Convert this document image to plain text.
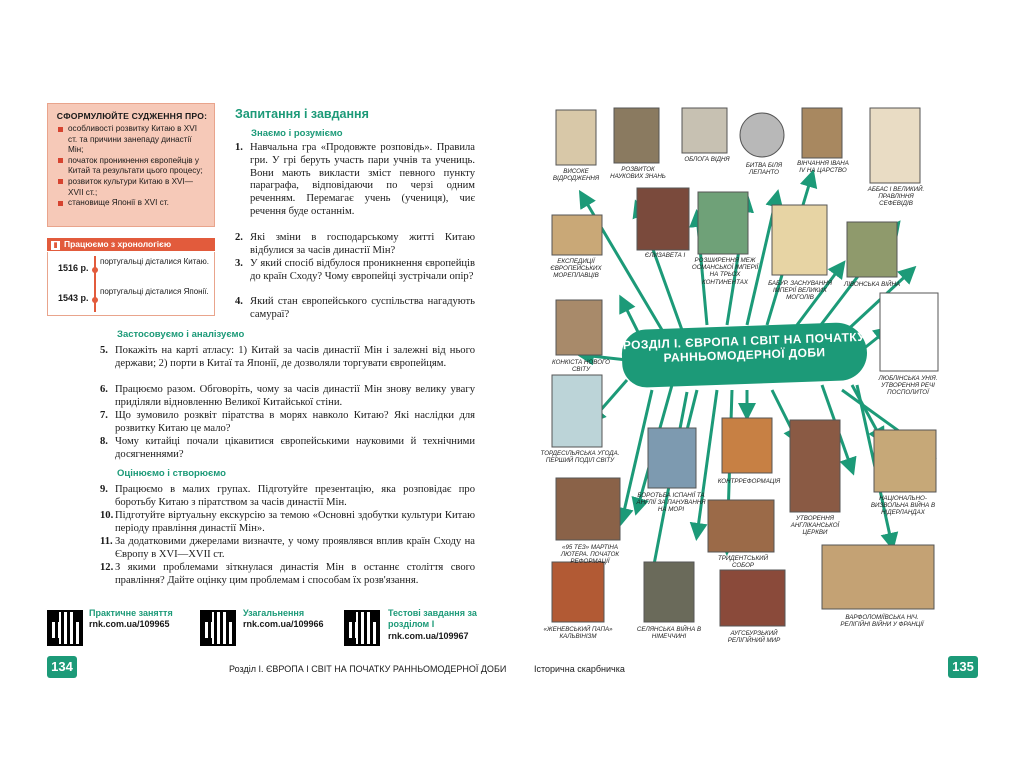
СФОРМУЛЮЙТЕ СУДЖЕННЯ ПРО:
особливості розвитку Китаю в XVI ст. та причини занепаду династії Мін;
початок проникнення європейців у Китай та результати цього процесу;
розвиток культури Китаю в XVI—XVII ст.;
становище Японії в XVI ст.
▮ Працюємо з хронологією
1516 р.
португальці дісталися Китаю.
1543 р.
португальці дісталися Японії.
Запитання і завдання
Знаємо і розуміємо
1. Навчальна гра «Продовжте розповідь». Правила гри. У грі беруть участь пари учнів та учениць. Вони мають викласти зміст певного пункту параграфа, відповідаючи по черзі одним реченням. Перемагає учень (учениця), чиє речення буде останнім.
2. Які зміни в господарському житті Китаю відбулися за часів династії Мін?
3. У який спосіб відбулося проникнення європейців до країн Сходу? Чому європейці зустрічали опір?
4. Який стан європейського суспільства нагадують самураї?
Застосовуємо і аналізуємо
5. Покажіть на карті атласу: 1) Китай за часів династії Мін і залежні від нього держави; 2) порти в Китаї та Японії, де дозволяли торгувати європейцям.
6. Працюємо разом. Обговоріть, чому за часів династії Мін знову велику увагу приділяли відновленню Великої Китайської стіни.
7. Що зумовило розквіт піратства в морях навколо Китаю? Які наслідки для розвитку Китаю це мало?
8. Чому китайці почали цікавитися європейськими науковими й технічними досягненнями?
Оцінюємо і створюємо
9. Працюємо в малих групах. Підготуйте презентацію, яка розповідає про боротьбу Китаю з піратством за часів династії Мін.
10. Підготуйте віртуальну екскурсію за темою «Основні здобутки культури Китаю періоду правління династії Мін».
11. За додатковими джерелами визначте, у чому проявлявся вплив країн Сходу на Європу в XVI—XVII ст.
12. З якими проблемами зіткнулася династія Мін в останнє століття свого правління? Дайте оцінку цим проблемам і способам їх розв'язання.
Практичне заняття
rnk.com.ua/109965
Узагальнення
rnk.com.ua/109966
Тестові завдання за розділом І
rnk.com.ua/109967
134	Розділ І. ЄВРОПА І СВІТ НА ПОЧАТКУ РАННЬОМОДЕРНОЇ ДОБИ
РОЗДІЛ І. ЄВРОПА І СВІТ НА ПОЧАТКУ РАННЬОМОДЕРНОЇ ДОБИ
ВИСОКЕ ВІДРОДЖЕННЯ
РОЗВИТОК НАУКОВИХ ЗНАНЬ
ОБЛОГА ВІДНЯ
БИТВА БІЛЯ ЛЕПАНТО
ВІНЧАННЯ ІВАНА IV НА ЦАРСТВО
АББАС І ВЕЛИКИЙ. ПРАВЛІННЯ СЕФЕВІДІВ
ЕКСПЕДИЦІЇ ЄВРОПЕЙСЬКИХ МОРЕПЛАВЦІВ
ЄЛИЗАВЕТА І
РОЗШИРЕННЯ МЕЖ ОСМАНСЬКОЇ ІМПЕРІЇ НА ТРЬОХ КОНТИНЕНТАХ	БАБУР. ЗАСНУВАННЯ ІМПЕРІЇ ВЕЛИКИХ МОГОЛІВ
ЛІВОНСЬКА ВІЙНА
КОНКІСТА НОВОГО СВІТУ
ЛЮБЛІНСЬКА УНІЯ. УТВОРЕННЯ РЕЧІ ПОСПОЛИТОЇ
ТОРДЕСІЛЬЯСЬКА УГОДА. ПЕРШИЙ ПОДІЛ СВІТУ
БОРОТЬБА ІСПАНІЇ ТА АНГЛІЇ ЗА ПАНУВАННЯ НА МОРІ
КОНТРРЕФОРМАЦІЯ
УТВОРЕННЯ АНГЛІКАНСЬКОЇ ЦЕРКВИ
НАЦІОНАЛЬНО-ВИЗВОЛЬНА ВІЙНА В НІДЕРЛАНДАХ
«95 ТЕЗ» МАРТІНА ЛЮТЕРА. ПОЧАТОК РЕФОРМАЦІЇ	ТРИДЕНТСЬКИЙ СОБОР
«ЖЕНЕВСЬКИЙ ПАПА» КАЛЬВІНІЗМ
СЕЛЯНСЬКА ВІЙНА В НІМЕЧЧИНІ	АУГСБУРЗЬКИЙ РЕЛІГІЙНИЙ МИР
ВАРФОЛОМІЇВСЬКА НІЧ. РЕЛІГІЙНІ ВІЙНИ У ФРАНЦІЇ
Історична скарбничка	135
